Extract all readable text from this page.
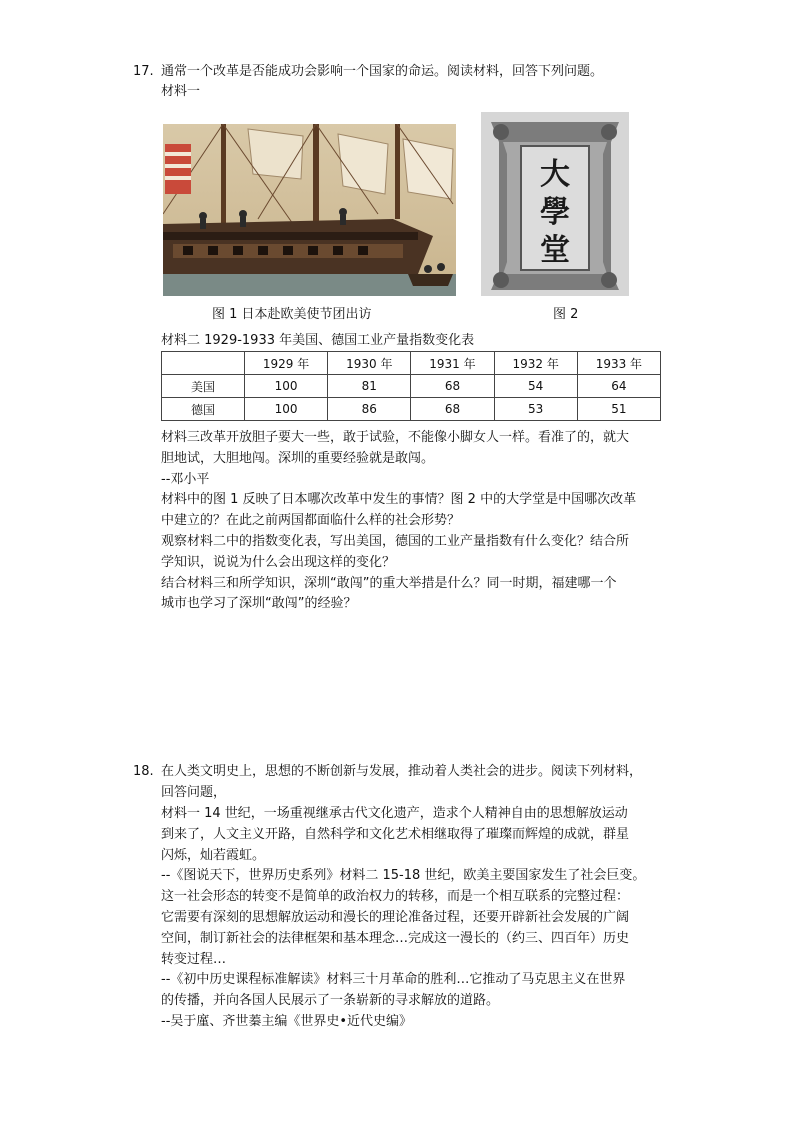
17. 通常一个改革是否能成功会影响一个国家的命运。阅读材料，回答下列问题。
材料一
大
學
堂
图 1 日本赴欧美使节团出访	图 2
材料二 1929-1933 年美国、德国工业产量指数变化表
	1929 年	1930 年	1931 年	1932 年	1933 年
美国	100	81	68	54	64
德国	100	86	68	53	51
材料三改革开放胆子要大一些，敢于试验，不能像小脚女人一样。看准了的，就大
胆地试，大胆地闯。深圳的重要经验就是敢闯。
--邓小平
材料中的图 1 反映了日本哪次改革中发生的事情？图 2 中的大学堂是中国哪次改革
中建立的？在此之前两国都面临什么样的社会形势？
观察材料二中的指数变化表，写出美国，德国的工业产量指数有什么变化？结合所
学知识，说说为什么会出现这样的变化？
结合材料三和所学知识，深圳“敢闯”的重大举措是什么？同一时期，福建哪一个
城市也学习了深圳“敢闯”的经验？
18. 在人类文明史上，思想的不断创新与发展，推动着人类社会的进步。阅读下列材料，
回答问题，
材料一 14 世纪，一场重视继承古代文化遗产，造求个人精神自由的思想解放运动
到来了，人文主义开路，自然科学和文化艺术相继取得了璀璨而辉煌的成就，群星
闪烁，灿若霞虹。
--《图说天下，世界历史系列》材料二 15-18 世纪，欧美主要国家发生了社会巨变。
这一社会形态的转变不是简单的政治权力的转移，而是一个相互联系的完整过程：
它需要有深刻的思想解放运动和漫长的理论准备过程，还要开辟新社会发展的广阔
空间，制订新社会的法律框架和基本理念…完成这一漫长的（约三、四百年）历史
转变过程…
--《初中历史课程标准解读》材料三十月革命的胜利…它推动了马克思主义在世界
的传播，并向各国人民展示了一条崭新的寻求解放的道路。
--吴于廑、齐世蓁主编《世界史•近代史编》
